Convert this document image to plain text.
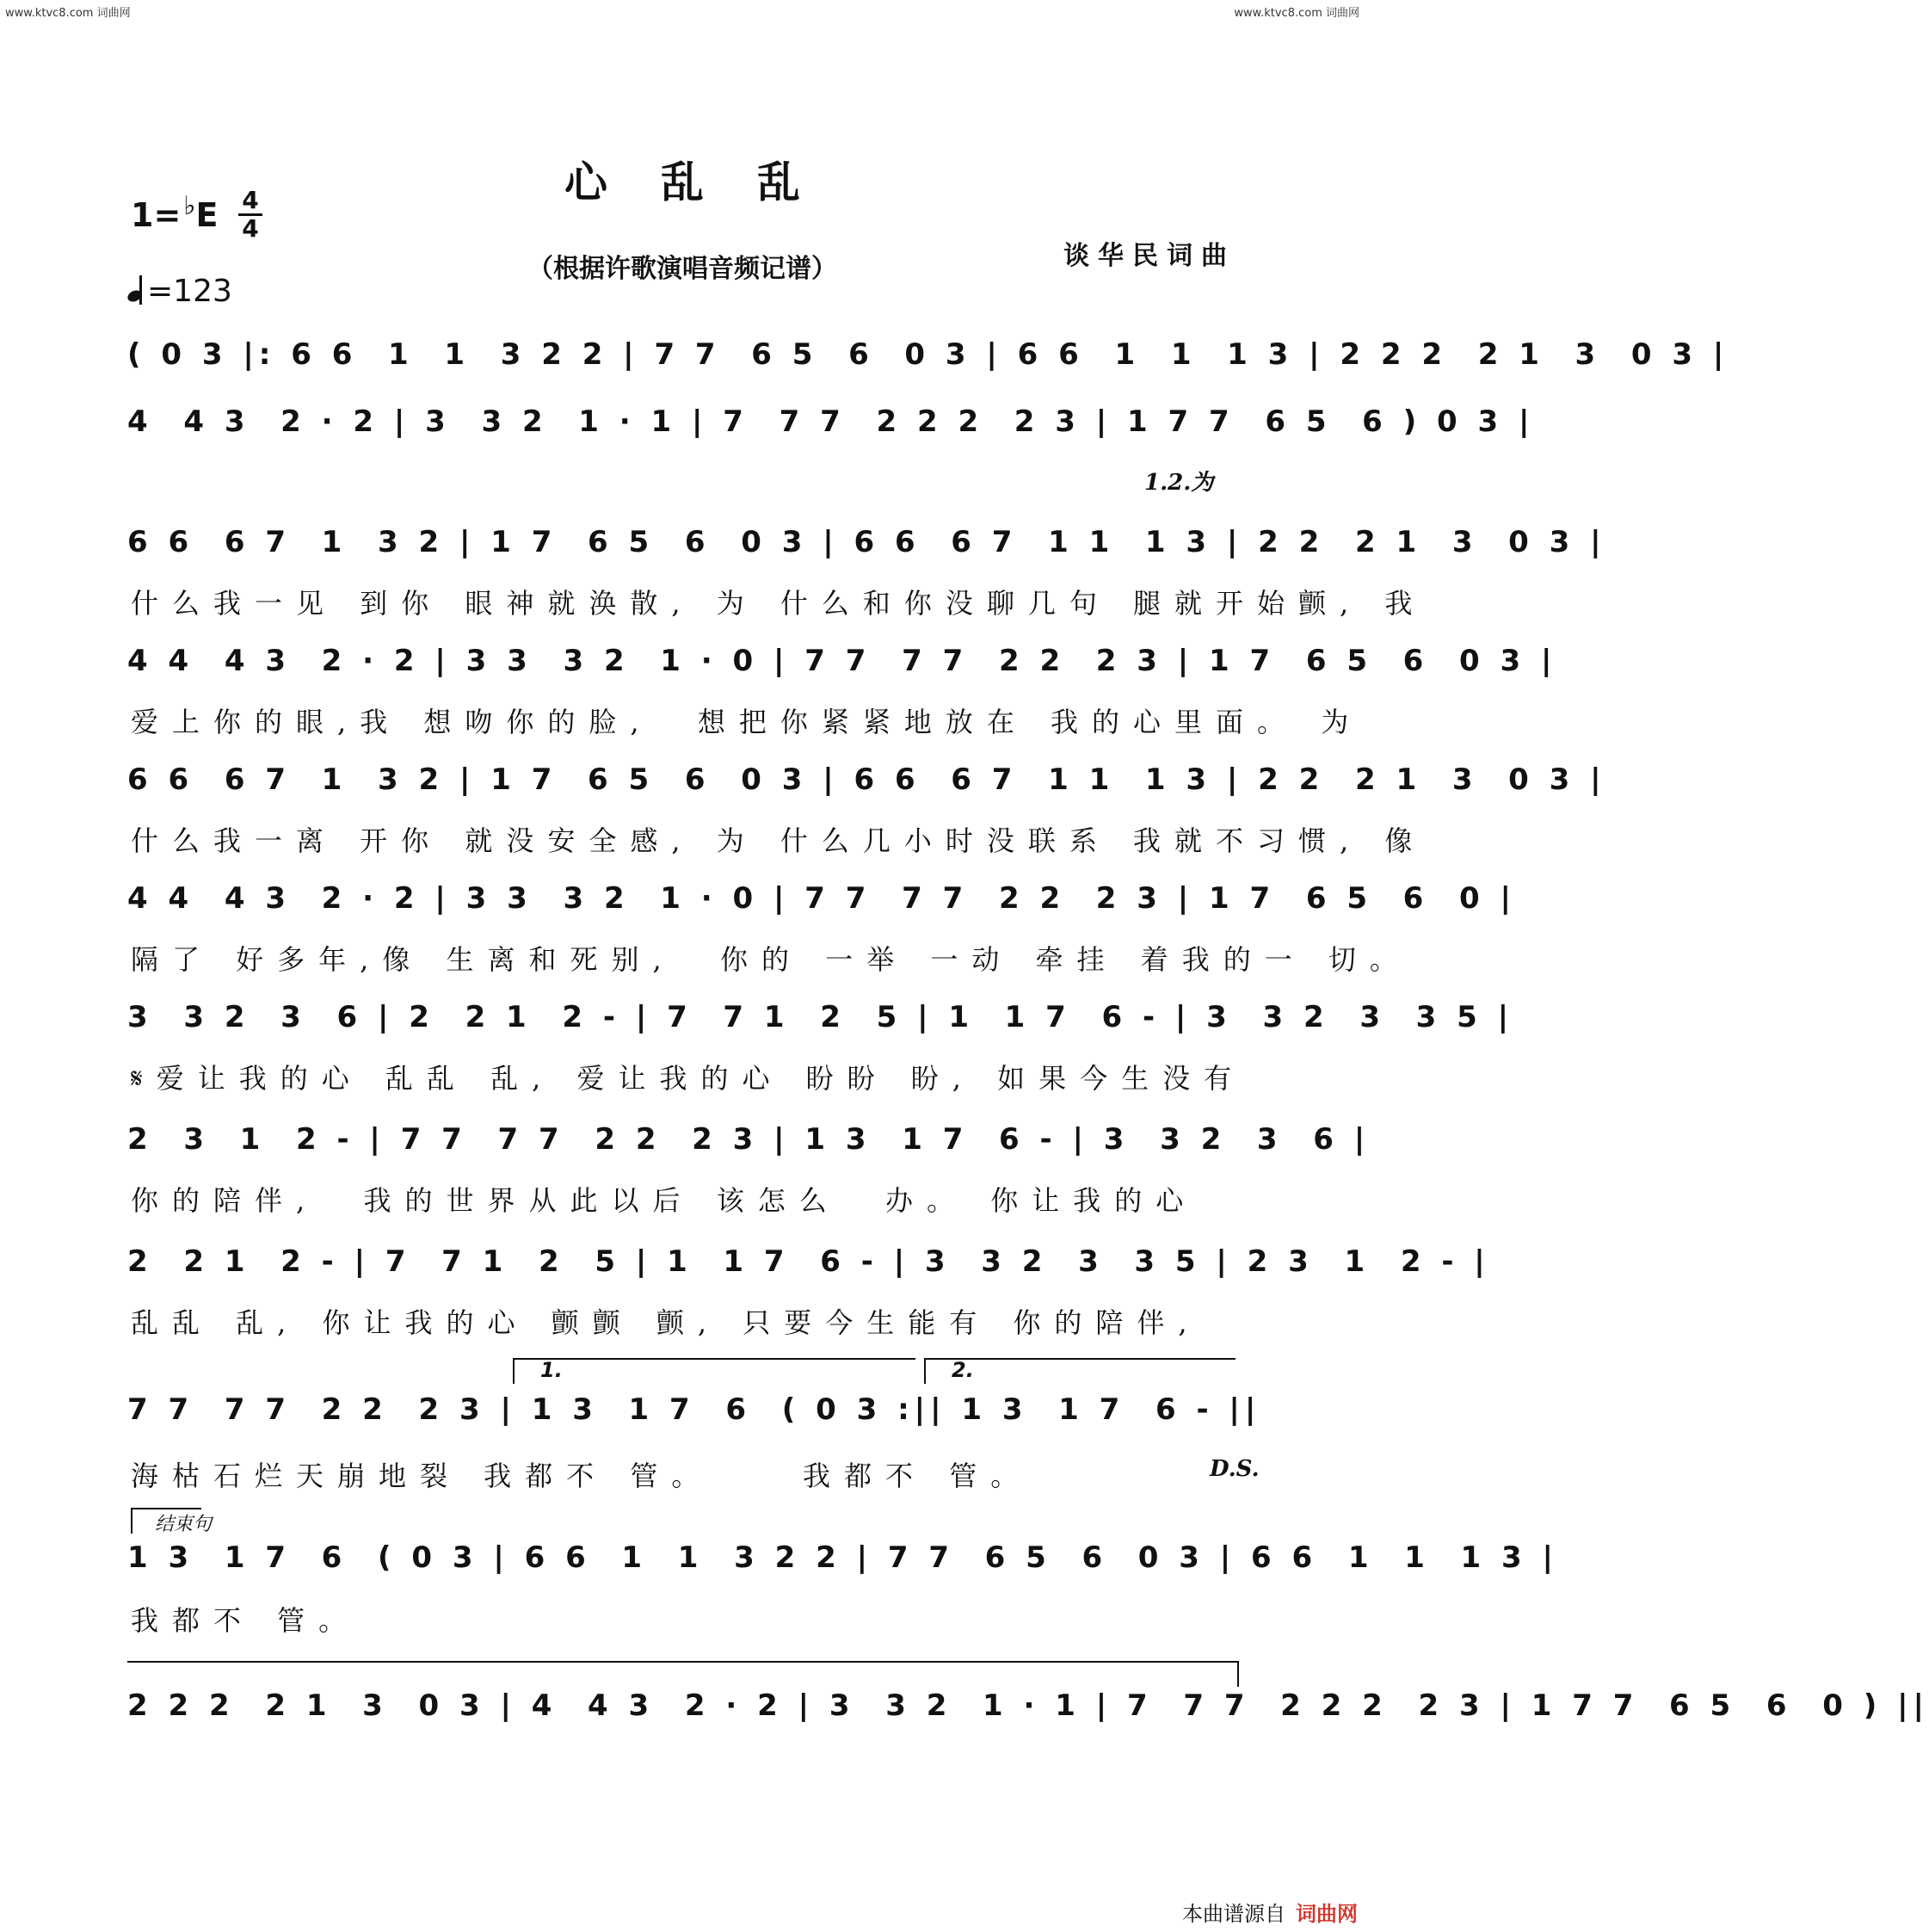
www.ktvc8.com 词曲网	www.ktvc8.com 词曲网
心乱乱
（根据许歌演唱音频记谱）	谈华民词曲
1= ♭E 4
4
=123
1.2.为
1.	2.
D.S.
结束句
( 0 3 |: 6 6  1  1  3 2 2 | 7 7  6 5  6  0 3 | 6 6  1  1  1 3 | 2 2 2  2 1  3  0 3 |
4  4 3  2 · 2 | 3  3 2  1 · 1 | 7  7 7  2 2 2  2 3 | 1 7 7  6 5  6 ) 0 3 |
6 6  6 7  1  3 2 | 1 7  6 5  6  0 3 | 6 6  6 7  1 1  1 3 | 2 2  2 1  3  0 3 |
什么我一见 到你 眼神就涣散, 为 什么和你没聊几句 腿就开始颤, 我
4 4  4 3  2 · 2 | 3 3  3 2  1 · 0 | 7 7  7 7  2 2  2 3 | 1 7  6 5  6  0 3 |
爱上你的眼,我 想吻你的脸,  想把你紧紧地放在 我的心里面。 为
6 6  6 7  1  3 2 | 1 7  6 5  6  0 3 | 6 6  6 7  1 1  1 3 | 2 2  2 1  3  0 3 |
什么我一离 开你 就没安全感, 为 什么几小时没联系 我就不习惯, 像
4 4  4 3  2 · 2 | 3 3  3 2  1 · 0 | 7 7  7 7  2 2  2 3 | 1 7  6 5  6  0 |
隔了 好多年,像 生离和死别,  你的 一举 一动 牵挂 着我的一 切。
3  3 2  3  6 | 2  2 1  2 - | 7  7 1  2  5 | 1  1 7  6 - | 3  3 2  3  3 5 |
𝄋爱让我的心 乱乱 乱, 爱让我的心 盼盼 盼, 如果今生没有
2  3  1  2 - | 7 7  7 7  2 2  2 3 | 1 3  1 7  6 - | 3  3 2  3  6 |
你的陪伴,  我的世界从此以后 该怎么  办。 你让我的心
2  2 1  2 - | 7  7 1  2  5 | 1  1 7  6 - | 3  3 2  3  3 5 | 2 3  1  2 - |
乱乱 乱, 你让我的心 颤颤 颤, 只要今生能有 你的陪伴,
7 7  7 7  2 2  2 3 | 1 3  1 7  6  ( 0 3 :|| 1 3  1 7  6 - ||
海枯石烂天崩地裂 我都不 管。    我都不 管。
1 3  1 7  6  ( 0 3 | 6 6  1  1  3 2 2 | 7 7  6 5  6  0 3 | 6 6  1  1  1 3 |
我都不 管。
2 2 2  2 1  3  0 3 | 4  4 3  2 · 2 | 3  3 2  1 · 1 | 7  7 7  2 2 2  2 3 | 1 7 7  6 5  6  0 ) ||
本曲谱源自 词曲网
